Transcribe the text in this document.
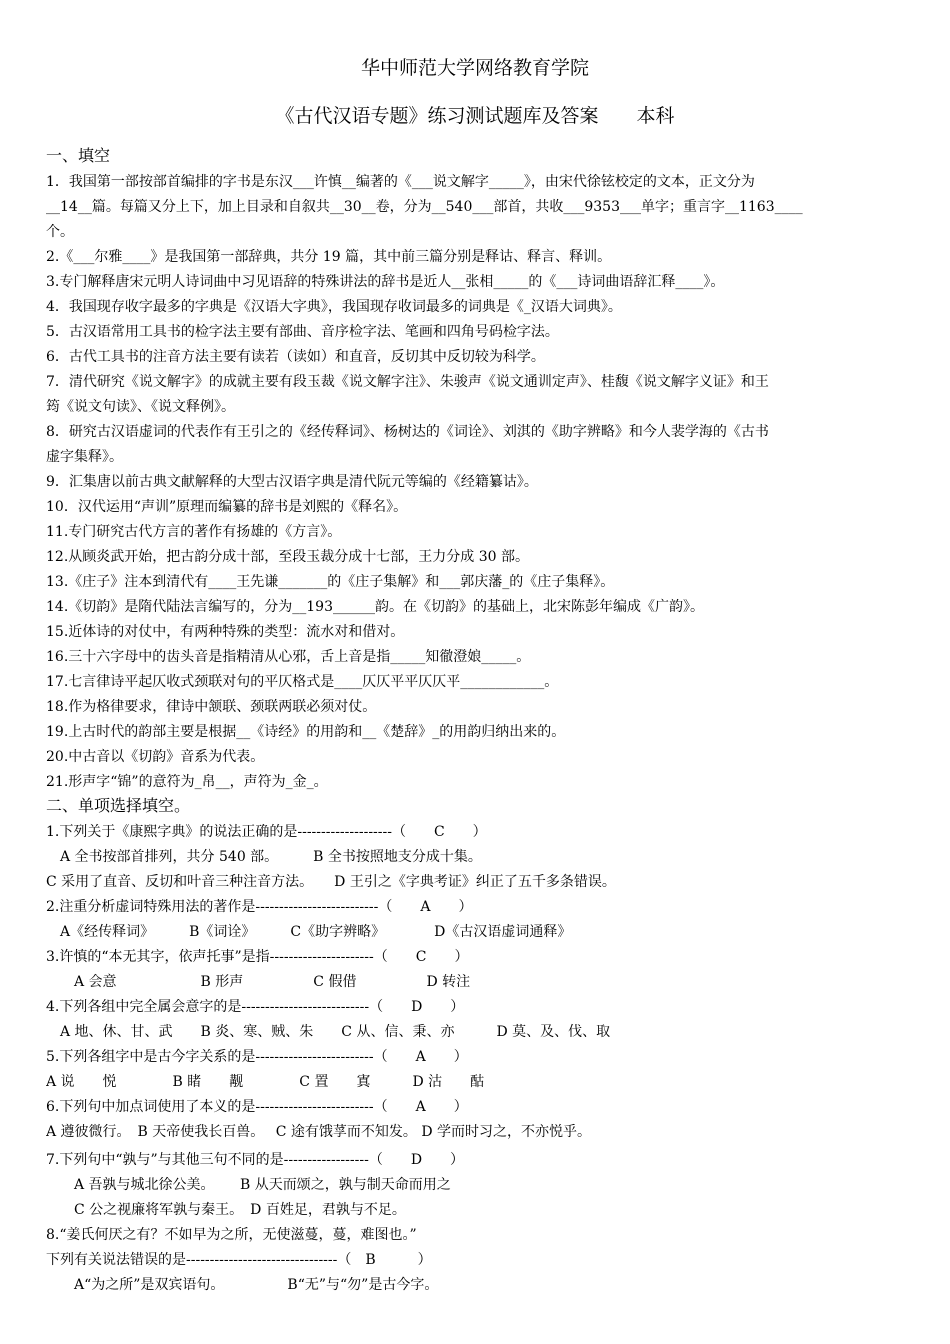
华中师范大学网络教育学院
《古代汉语专题》练习测试题库及答案　　本科
一、填空
1．我国第一部按部首编排的字书是东汉___许慎__编著的《___说文解字_____》，由宋代徐铉校定的文本，正文分为
__14__篇。每篇又分上下，加上目录和自叙共__30__卷，分为__540___部首，共收___9353___单字；重言字__1163____
个。
2.《___尔雅____》是我国第一部辞典，共分 19 篇，其中前三篇分别是释诂、释言、释训。
3.专门解释唐宋元明人诗词曲中习见语辞的特殊讲法的辞书是近人__张相_____的《___诗词曲语辞汇释____》。
4．我国现存收字最多的字典是《汉语大字典》，我国现存收词最多的词典是《_汉语大词典》。
5．古汉语常用工具书的检字法主要有部曲、音序检字法、笔画和四角号码检字法。
6．古代工具书的注音方法主要有读若（读如）和直音，反切其中反切较为科学。
7．清代研究《说文解字》的成就主要有段玉裁《说文解字注》、朱骏声《说文通训定声》、桂馥《说文解字义证》和王
筠《说文句读》、《说文释例》。
8．研究古汉语虚词的代表作有王引之的《经传释词》、杨树达的《词诠》、刘淇的《助字辨略》和今人裴学海的《古书
虚字集释》。
9．汇集唐以前古典文献解释的大型古汉语字典是清代阮元等编的《经籍纂诂》。
10．汉代运用“声训”原理而编纂的辞书是刘熙的《释名》。
11.专门研究古代方言的著作有扬雄的《方言》。
12.从顾炎武开始，把古韵分成十部，至段玉裁分成十七部，王力分成 30 部。
13.《庄子》注本到清代有____王先谦_______的《庄子集解》和___郭庆藩_的《庄子集释》。
14.《切韵》是隋代陆法言编写的，分为__193______韵。在《切韵》的基础上，北宋陈彭年编成《广韵》。
15.近体诗的对仗中，有两种特殊的类型：流水对和借对。
16.三十六字母中的齿头音是指精清从心邪，舌上音是指_____知徹澄娘_____。
17.七言律诗平起仄收式颈联对句的平仄格式是____仄仄平平仄仄平____________。
18.作为格律要求，律诗中颔联、颈联两联必须对仗。
19.上古时代的韵部主要是根据__《诗经》的用韵和__《楚辞》_的用韵归纳出来的。
20.中古音以《切韵》音系为代表。
21.形声字“锦”的意符为_帛__，声符为_金_。
二、单项选择填空。
1.下列关于《康熙字典》的说法正确的是--------------------（　　C　　）
　A 全书按部首排列，共分 540 部。　　　B 全书按照地支分成十集。
C 采用了直音、反切和叶音三种注音方法。　　D 王引之《字典考证》纠正了五千多条错误。
2.注重分析虚词特殊用法的著作是--------------------------（　　A　　）
　A《经传释词》　　　B《词诠》　　　C《助字辨略》　　　　D《古汉语虚词通释》
3.许慎的“本无其字，依声托事”是指----------------------（　　C　　）
　　A 会意　　　　　　B 形声　　　　　C 假借　　　　　D 转注
4.下列各组中完全属会意字的是---------------------------（　　D　　）
　A 地、休、甘、武　　B 炎、寒、贼、朱　　C 从、信、秉、亦　　　D 莫、及、伐、取
5.下列各组字中是古今字关系的是-------------------------（　　A　　）
A 说　　悦　　　　B 睹　　觏　　　　C 置　　寘　　　D 沽　　酤
6.下列句中加点词使用了本义的是-------------------------（　　A　　）
A 遵彼微行。　B 天帝使我长百兽。　 C 途有饿莩而不知发。 D 学而时习之，不亦悦乎。
7.下列句中“孰与”与其他三句不同的是------------------（　　D　　）
　　A 吾孰与城北徐公美。　　 B 从天而颂之，孰与制天命而用之
　　C 公之视廉将军孰与秦王。　D 百姓足，君孰与不足。
8.“姜氏何厌之有？不如早为之所，无使滋蔓，蔓，难图也。”
下列有关说法错误的是--------------------------------（　B　　　）
　　A“为之所”是双宾语句。　　　　　B“无”与“勿”是古今字。
